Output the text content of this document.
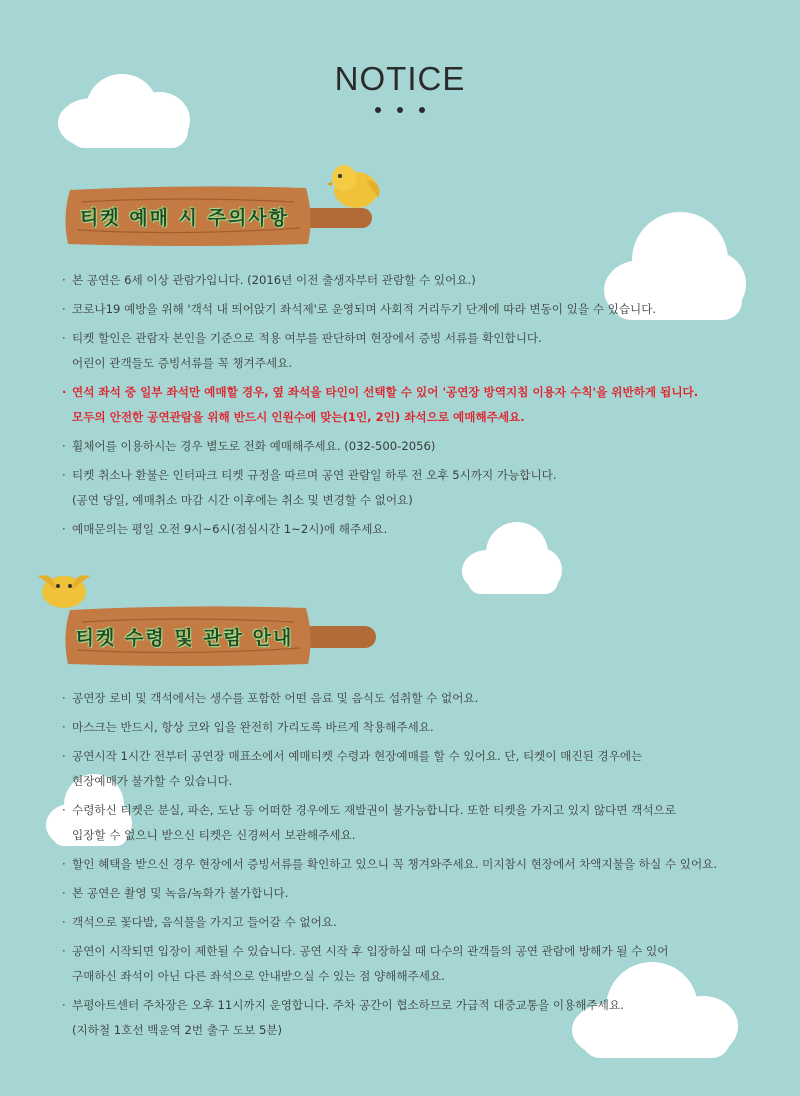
NOTICE
티켓 예매 시 주의사항
· 본 공연은 6세 이상 관람가입니다. (2016년 이전 출생자부터 관람할 수 있어요.)
· 코로나19 예방을 위해 '객석 내 띄어앉기 좌석제'로 운영되며 사회적 거리두기 단계에 따라 변동이 있을 수 있습니다.
· 티켓 할인은 관람자 본인을 기준으로 적용 여부를 판단하며 현장에서 증빙 서류를 확인합니다.
어린이 관객들도 증빙서류를 꼭 챙겨주세요.
· 연석 좌석 중 일부 좌석만 예매할 경우, 옆 좌석을 타인이 선택할 수 있어 '공연장 방역지침 이용자 수칙'을 위반하게 됩니다.
모두의 안전한 공연관람을 위해 반드시 인원수에 맞는(1인, 2인) 좌석으로 예매해주세요.
· 휠체어를 이용하시는 경우 별도로 전화 예매해주세요. (032-500-2056)
· 티켓 취소나 환불은 인터파크 티켓 규정을 따르며 공연 관람일 하루 전 오후 5시까지 가능합니다.
(공연 당일, 예매취소 마감 시간 이후에는 취소 및 변경할 수 없어요)
· 예매문의는 평일 오전 9시~6시(점심시간 1~2시)에 해주세요.
티켓 수령 및 관람 안내
· 공연장 로비 및 객석에서는 생수를 포함한 어떤 음료 및 음식도 섭취할 수 없어요.
· 마스크는 반드시, 항상 코와 입을 완전히 가리도록 바르게 착용해주세요.
· 공연시작 1시간 전부터 공연장 매표소에서 예매티켓 수령과 현장예매를 할 수 있어요. 단, 티켓이 매진된 경우에는
현장예매가 불가할 수 있습니다.
· 수령하신 티켓은 분실, 파손, 도난 등 어떠한 경우에도 재발권이 불가능합니다. 또한 티켓을 가지고 있지 않다면 객석으로
입장할 수 없으니 받으신 티켓은 신경써서 보관해주세요.
· 할인 혜택을 받으신 경우 현장에서 증빙서류를 확인하고 있으니 꼭 챙겨와주세요. 미지참시 현장에서 차액지불을 하실 수 있어요.
· 본 공연은 촬영 및 녹음/녹화가 불가합니다.
· 객석으로 꽃다발, 음식물을 가지고 들어갈 수 없어요.
· 공연이 시작되면 입장이 제한될 수 있습니다. 공연 시작 후 입장하실 때 다수의 관객들의 공연 관람에 방해가 될 수 있어
구매하신 좌석이 아닌 다른 좌석으로 안내받으실 수 있는 점 양해해주세요.
· 부평아트센터 주차장은 오후 11시까지 운영합니다. 주차 공간이 협소하므로 가급적 대중교통을 이용해주세요.
(지하철 1호선 백운역 2번 출구 도보 5분)
